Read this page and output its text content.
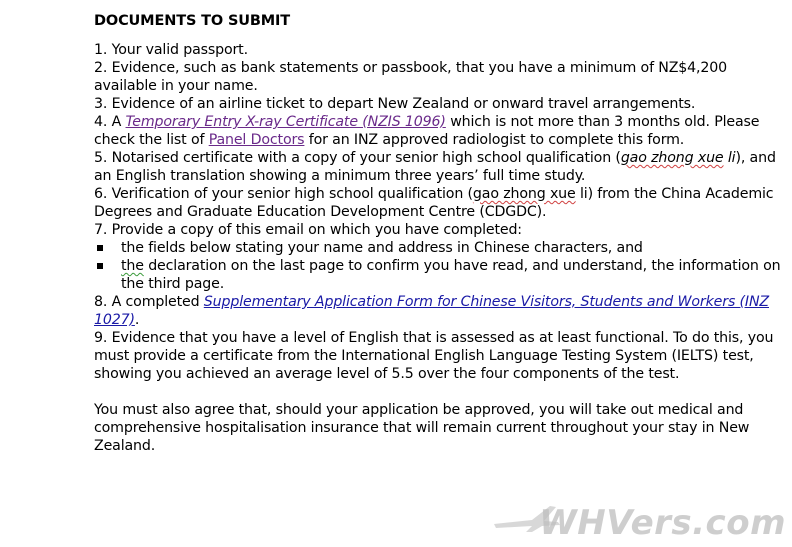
DOCUMENTS TO SUBMIT

1. Your valid passport.

2. Evidence, such as bank statements or passbook, that you have a minimum of NZ$4,200 available in your name.

3. Evidence of an airline ticket to depart New Zealand or onward travel arrangements.

4. A Temporary Entry X-ray Certificate (NZIS 1096) which is not more than 3 months old. Please check the list of Panel Doctors for an INZ approved radiologist to complete this form.

5. Notarised certificate with a copy of your senior high school qualification (gao zhong xue li), and an English translation showing a minimum three years’ full time study.

6. Verification of your senior high school qualification (gao zhong xue li) from the China Academic Degrees and Graduate Education Development Centre (CDGDC).

7. Provide a copy of this email on which you have completed:

the fields below stating your name and address in Chinese characters, and
the declaration on the last page to confirm you have read, and understand, the information on the third page.

8. A completed Supplementary Application Form for Chinese Visitors, Students and Workers (INZ 1027).

9. Evidence that you have a level of English that is assessed as at least functional. To do this, you must provide a certificate from the International English Language Testing System (IELTS) test, showing you achieved an average level of 5.5 over the four components of the test.

You must also agree that, should your application be approved, you will take out medical and comprehensive hospitalisation insurance that will remain current throughout your stay in New Zealand.

WHVers.com
